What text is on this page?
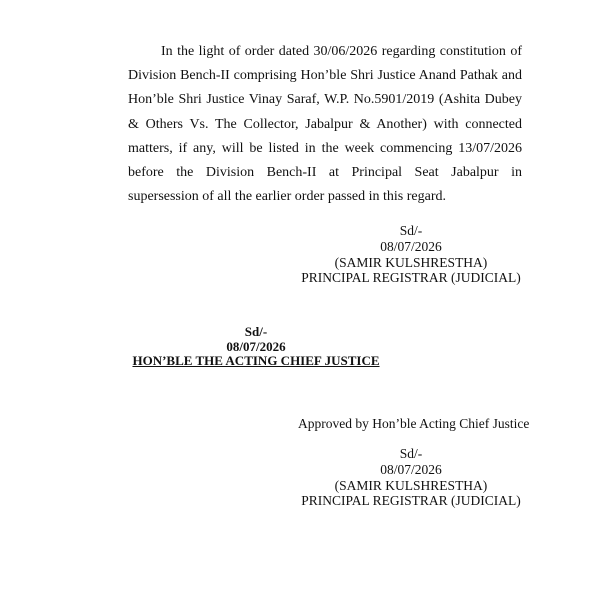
In the light of order dated 30/06/2026 regarding constitution of Division Bench-II comprising Hon’ble Shri Justice Anand Pathak and Hon’ble Shri Justice Vinay Saraf, W.P. No.5901/2019 (Ashita Dubey & Others Vs. The Collector, Jabalpur & Another) with connected matters, if any, will be listed in the week commencing 13/07/2026 before the Division Bench-II at Principal Seat Jabalpur in supersession of all the earlier order passed in this regard.

Sd/-
08/07/2026
(SAMIR KULSHRESTHA)
PRINCIPAL REGISTRAR (JUDICIAL)
Sd/-
08/07/2026
HON’BLE THE ACTING CHIEF JUSTICE
Approved by Hon’ble Acting Chief Justice
Sd/-
08/07/2026
(SAMIR KULSHRESTHA)
PRINCIPAL REGISTRAR (JUDICIAL)
